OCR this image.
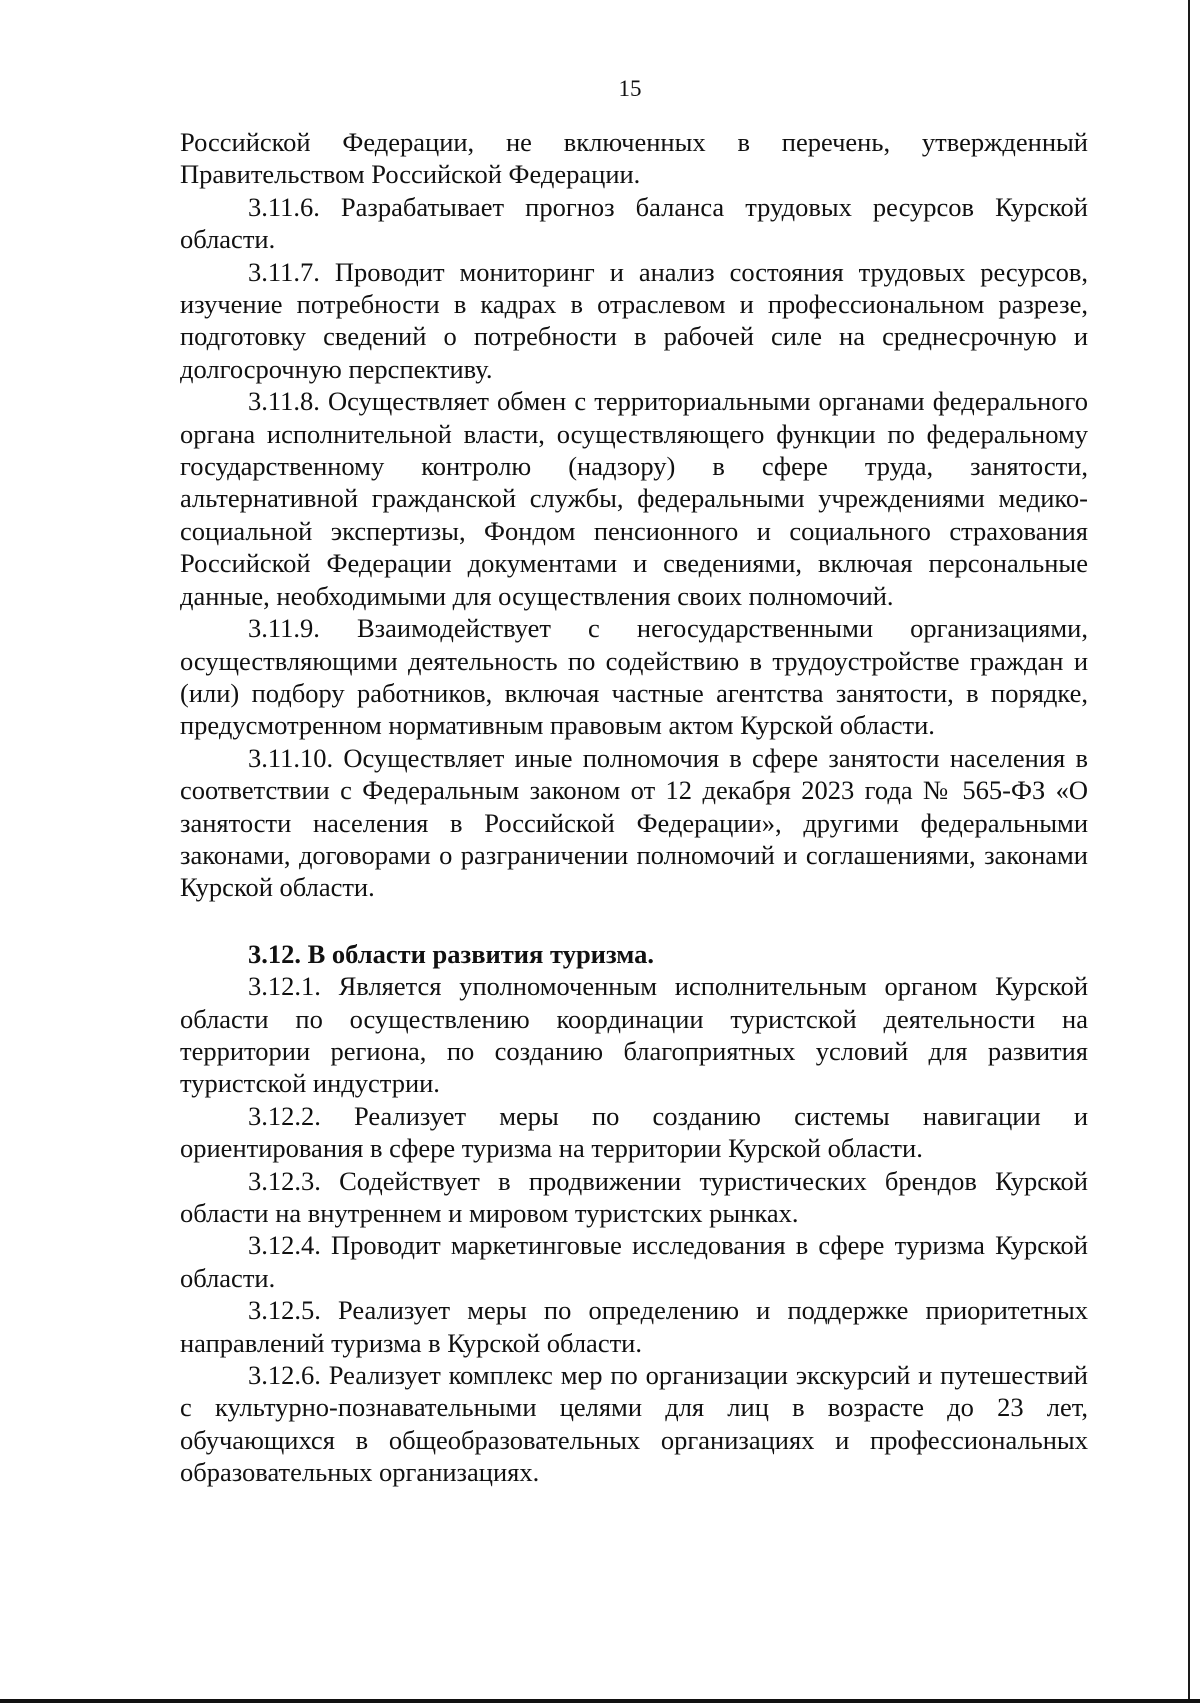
15

Российской Федерации, не включенных в перечень, утвержденный Правительством Российской Федерации.

3.11.6. Разрабатывает прогноз баланса трудовых ресурсов Курской области.

3.11.7. Проводит мониторинг и анализ состояния трудовых ресурсов, изучение потребности в кадрах в отраслевом и профессиональном разрезе, подготовку сведений о потребности в рабочей силе на среднесрочную и долгосрочную перспективу.

3.11.8. Осуществляет обмен с территориальными органами федерального органа исполнительной власти, осуществляющего функции по федеральному государственному контролю (надзору) в сфере труда, занятости, альтернативной гражданской службы, федеральными учреждениями медико-социальной экспертизы, Фондом пенсионного и социального страхования Российской Федерации документами и сведениями, включая персональные данные, необходимыми для осуществления своих полномочий.

3.11.9. Взаимодействует с негосударственными организациями, осуществляющими деятельность по содействию в трудоустройстве граждан и (или) подбору работников, включая частные агентства занятости, в порядке, предусмотренном нормативным правовым актом Курской области.

3.11.10. Осуществляет иные полномочия в сфере занятости населения в соответствии с Федеральным законом от 12 декабря 2023 года № 565-ФЗ «О занятости населения в Российской Федерации», другими федеральными законами, договорами о разграничении полномочий и соглашениями, законами Курской области.

3.12. В области развития туризма.

3.12.1. Является уполномоченным исполнительным органом Курской области по осуществлению координации туристской деятельности на территории региона, по созданию благоприятных условий для развития туристской индустрии.

3.12.2. Реализует меры по созданию системы навигации и ориентирования в сфере туризма на территории Курской области.

3.12.3. Содействует в продвижении туристических брендов Курской области на внутреннем и мировом туристских рынках.

3.12.4. Проводит маркетинговые исследования в сфере туризма Курской области.

3.12.5. Реализует меры по определению и поддержке приоритетных направлений туризма в Курской области.

3.12.6. Реализует комплекс мер по организации экскурсий и путешествий с культурно-познавательными целями для лиц в возрасте до 23 лет, обучающихся в общеобразовательных организациях и профессиональных образовательных организациях.
